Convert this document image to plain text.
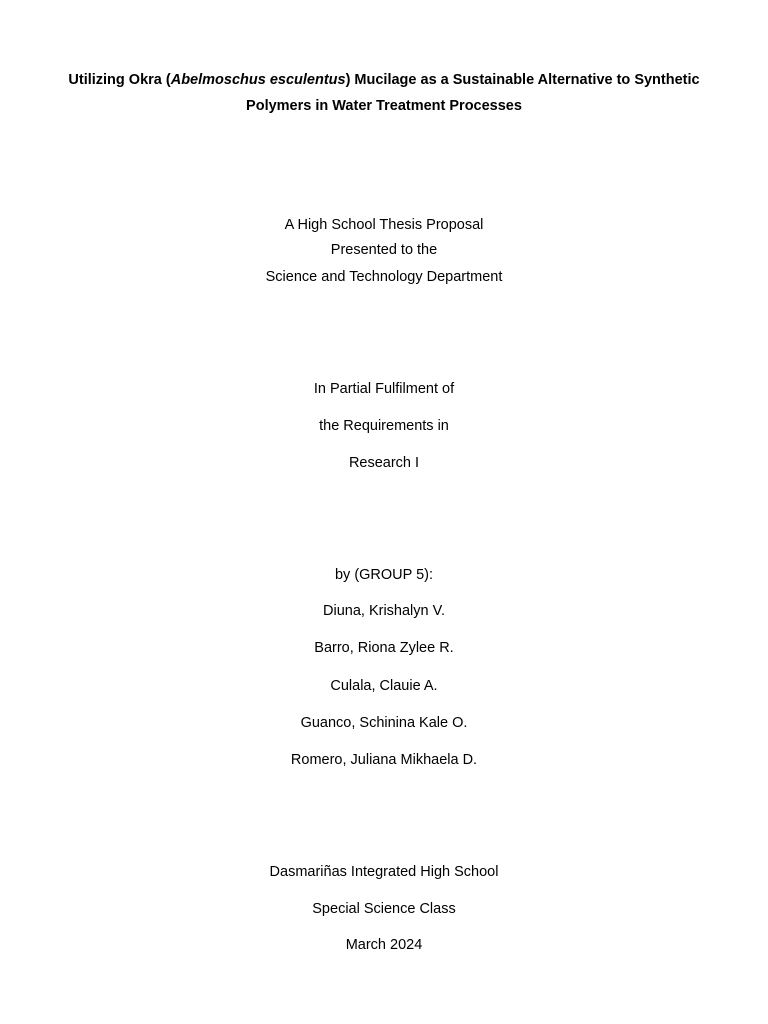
Utilizing Okra (Abelmoschus esculentus) Mucilage as a Sustainable Alternative to Synthetic
Polymers in Water Treatment Processes
A High School Thesis Proposal
Presented to the
Science and Technology Department
In Partial Fulfilment of
the Requirements in
Research I
by (GROUP 5):
Diuna, Krishalyn V.
Barro, Riona Zylee R.
Culala, Clauie A.
Guanco, Schinina Kale O.
Romero, Juliana Mikhaela D.
Dasmariñas Integrated High School
Special Science Class
March 2024
